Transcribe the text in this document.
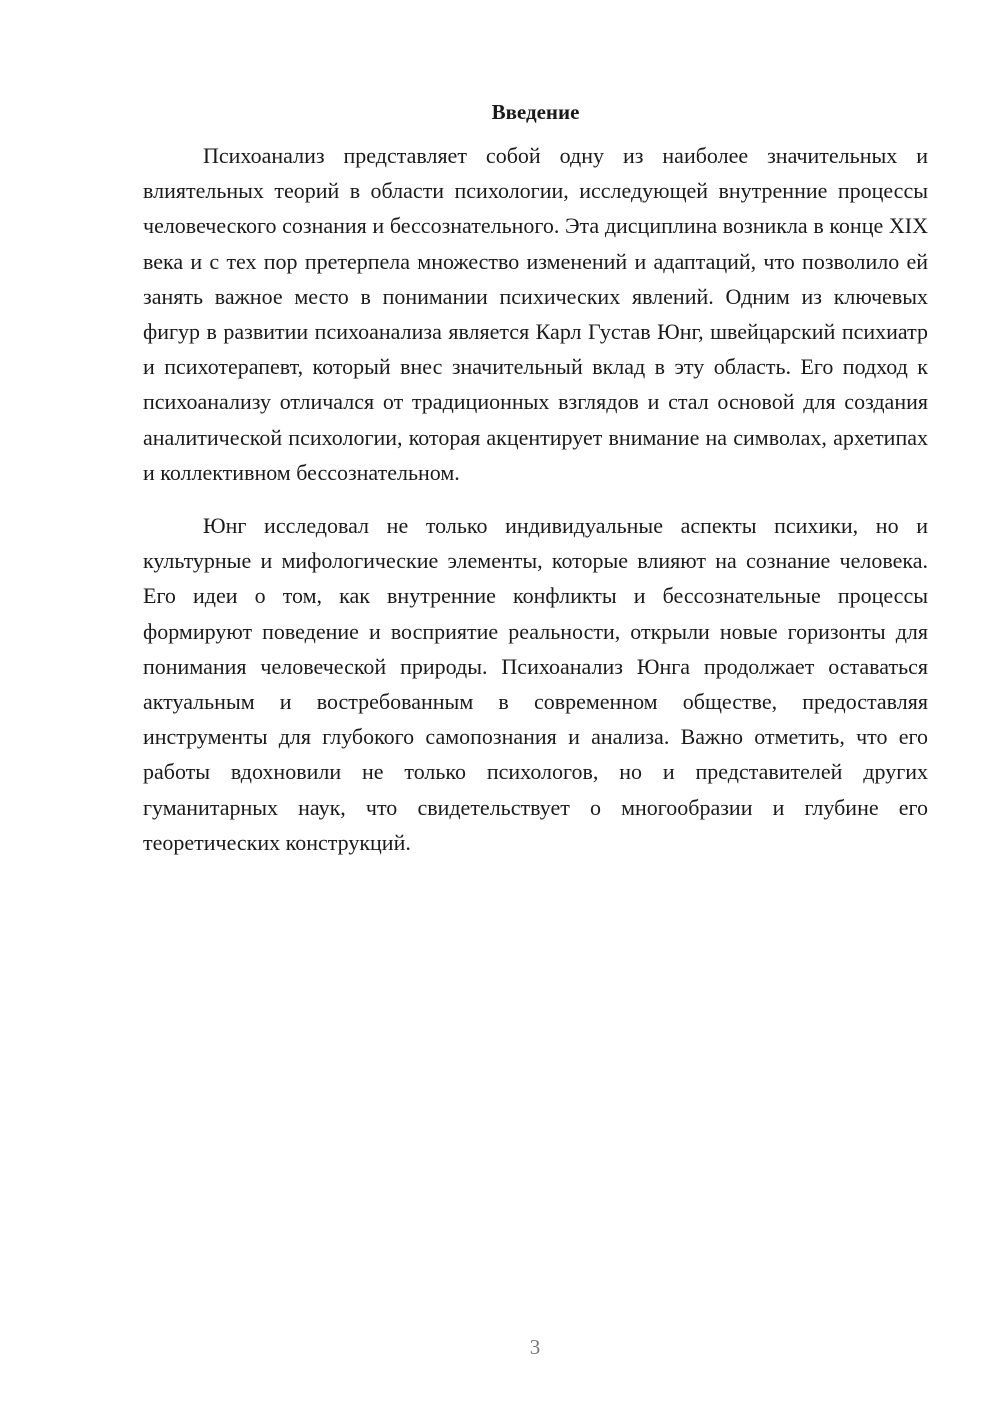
Введение

Психоанализ представляет собой одну из наиболее значительных и влиятельных теорий в области психологии, исследующей внутренние процессы человеческого сознания и бессознательного. Эта дисциплина возникла в конце XIX века и с тех пор претерпела множество изменений и адаптаций, что позволило ей занять важное место в понимании психических явлений. Одним из ключевых фигур в развитии психоанализа является Карл Густав Юнг, швейцарский психиатр и психотерапевт, который внес значительный вклад в эту область. Его подход к психоанализу отличался от традиционных взглядов и стал основой для создания аналитической психологии, которая акцентирует внимание на символах, архетипах и коллективном бессознательном.

Юнг исследовал не только индивидуальные аспекты психики, но и культурные и мифологические элементы, которые влияют на сознание человека. Его идеи о том, как внутренние конфликты и бессознательные процессы формируют поведение и восприятие реальности, открыли новые горизонты для понимания человеческой природы. Психоанализ Юнга продолжает оставаться актуальным и востребованным в современном обществе, предоставляя инструменты для глубокого самопознания и анализа. Важно отметить, что его работы вдохновили не только психологов, но и представителей других гуманитарных наук, что свидетельствует о многообразии и глубине его теоретических конструкций.

3
